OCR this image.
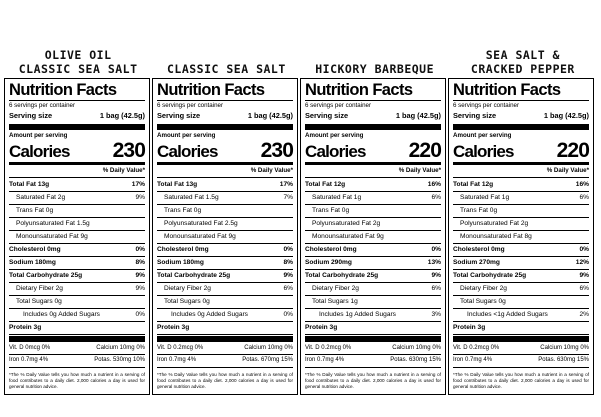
OLIVE OIL
CLASSIC SEA SALT	CLASSIC SEA SALT	HICKORY BARBEQUE
SEA SALT &
CRACKED PEPPER
Nutrition Facts
6 servings per container
Serving size	1 bag (42.5g)
Amount per serving
Calories 230
% Daily Value*
Total Fat 13g	17%
Saturated Fat 2g	9%
Trans Fat 0g
Polyunsaturated Fat 1.5g
Monounsaturated Fat 9g
Cholesterol 0mg	0%
Sodium 180mg	8%
Total Carbohydrate 25g	9%
Dietary Fiber 2g	9%
Total Sugars 0g
Includes 0g Added Sugars	0%
Protein 3g
Vit. D 0mcg 0%	Calcium 10mg 0%
Iron 0.7mg 4%	Potas. 530mg 10%
*The % Daily Value tells you how much a nutrient in a serving of food contributes to a daily diet. 2,000 calories a day is used for general nutrition advice.
Nutrition Facts
6 servings per container
Serving size	1 bag (42.5g)
Amount per serving
Calories 230
% Daily Value*
Total Fat 13g	17%
Saturated Fat 1.5g	7%
Trans Fat 0g
Polyunsaturated Fat 2.5g
Monounsaturated Fat 9g
Cholesterol 0mg	0%
Sodium 180mg	8%
Total Carbohydrate 25g	9%
Dietary Fiber 2g	6%
Total Sugars 0g
Includes 0g Added Sugars	0%
Protein 3g
Vit. D 0.2mcg 0%	Calcium 10mg 0%
Iron 0.7mg 4%	Potas. 670mg 15%
*The % Daily Value tells you how much a nutrient in a serving of food contributes to a daily diet. 2,000 calories a day is used for general nutrition advice.
Nutrition Facts
6 servings per container
Serving size	1 bag (42.5g)
Amount per serving
Calories 220
% Daily Value*
Total Fat 12g	16%
Saturated Fat 1g	6%
Trans Fat 0g
Polyunsaturated Fat 2g
Monounsaturated Fat 9g
Cholesterol 0mg	0%
Sodium 290mg	13%
Total Carbohydrate 25g	9%
Dietary Fiber 2g	6%
Total Sugars 1g
Includes 1g Added Sugars	3%
Protein 3g
Vit. D 0.2mcg 0%	Calcium 10mg 0%
Iron 0.7mg 4%	Potas. 630mg 15%
*The % Daily Value tells you how much a nutrient in a serving of food contributes to a daily diet. 2,000 calories a day is used for general nutrition advice.
Nutrition Facts
6 servings per container
Serving size	1 bag (42.5g)
Amount per serving
Calories 220
% Daily Value*
Total Fat 12g	16%
Saturated Fat 1g	6%
Trans Fat 0g
Polyunsaturated Fat 2g
Monounsaturated Fat 8g
Cholesterol 0mg	0%
Sodium 270mg	12%
Total Carbohydrate 25g	9%
Dietary Fiber 2g	6%
Total Sugars 0g
Includes <1g Added Sugars	2%
Protein 3g
Vit. D 0.2mcg 0%	Calcium 10mg 0%
Iron 0.7mg 4%	Potas. 630mg 15%
*The % Daily Value tells you how much a nutrient in a serving of food contributes to a daily diet. 2,000 calories a day is used for general nutrition advice.
